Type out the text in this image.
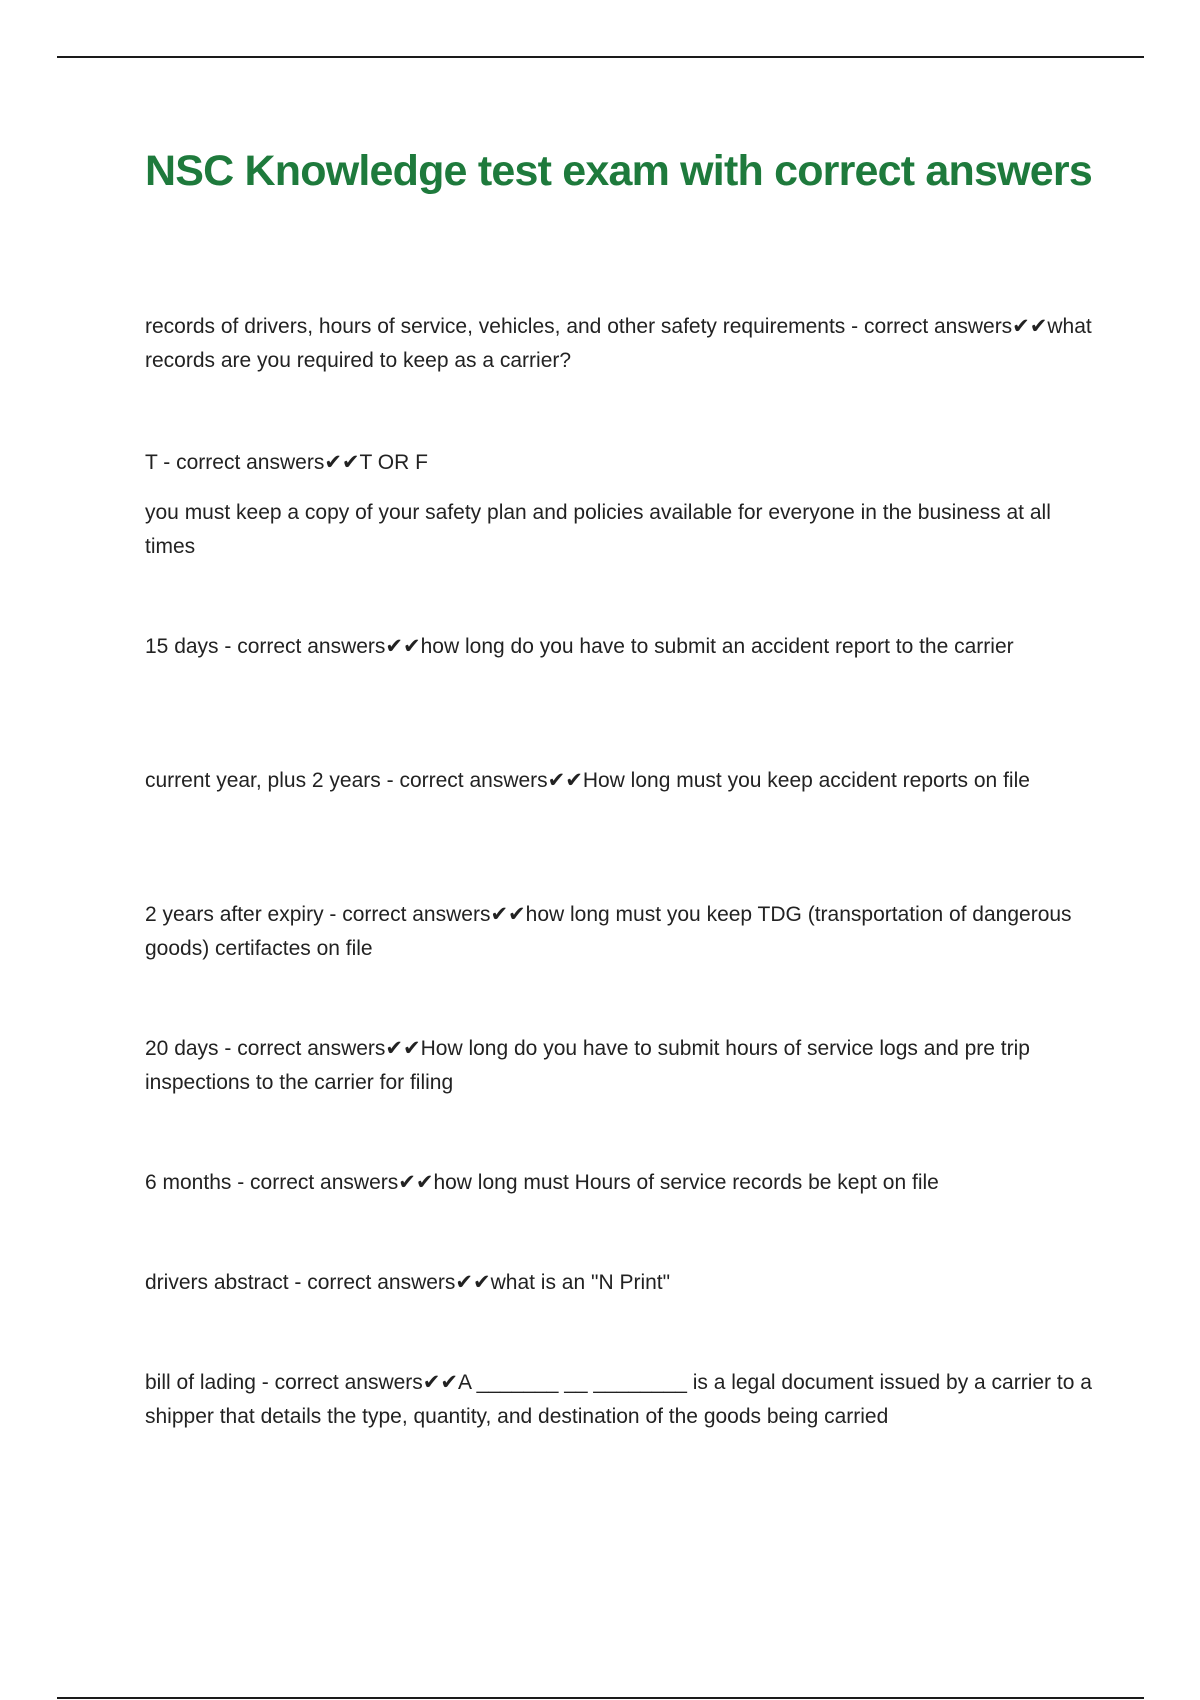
NSC Knowledge test exam with correct answers

records of drivers, hours of service, vehicles, and other safety requirements - correct answers✔✔what records are you required to keep as a carrier?

T - correct answers✔✔T OR F

you must keep a copy of your safety plan and policies available for everyone in the business at all times

15 days - correct answers✔✔how long do you have to submit an accident report to the carrier

current year, plus 2 years - correct answers✔✔How long must you keep accident reports on file

2 years after expiry - correct answers✔✔how long must you keep TDG (transportation of dangerous goods) certifactes on file

20 days - correct answers✔✔How long do you have to submit hours of service logs and pre trip inspections to the carrier for filing

6 months - correct answers✔✔how long must Hours of service records be kept on file

drivers abstract - correct answers✔✔what is an "N Print"

bill of lading - correct answers✔✔A _______ __ ________ is a legal document issued by a carrier to a shipper that details the type, quantity, and destination of the goods being carried
